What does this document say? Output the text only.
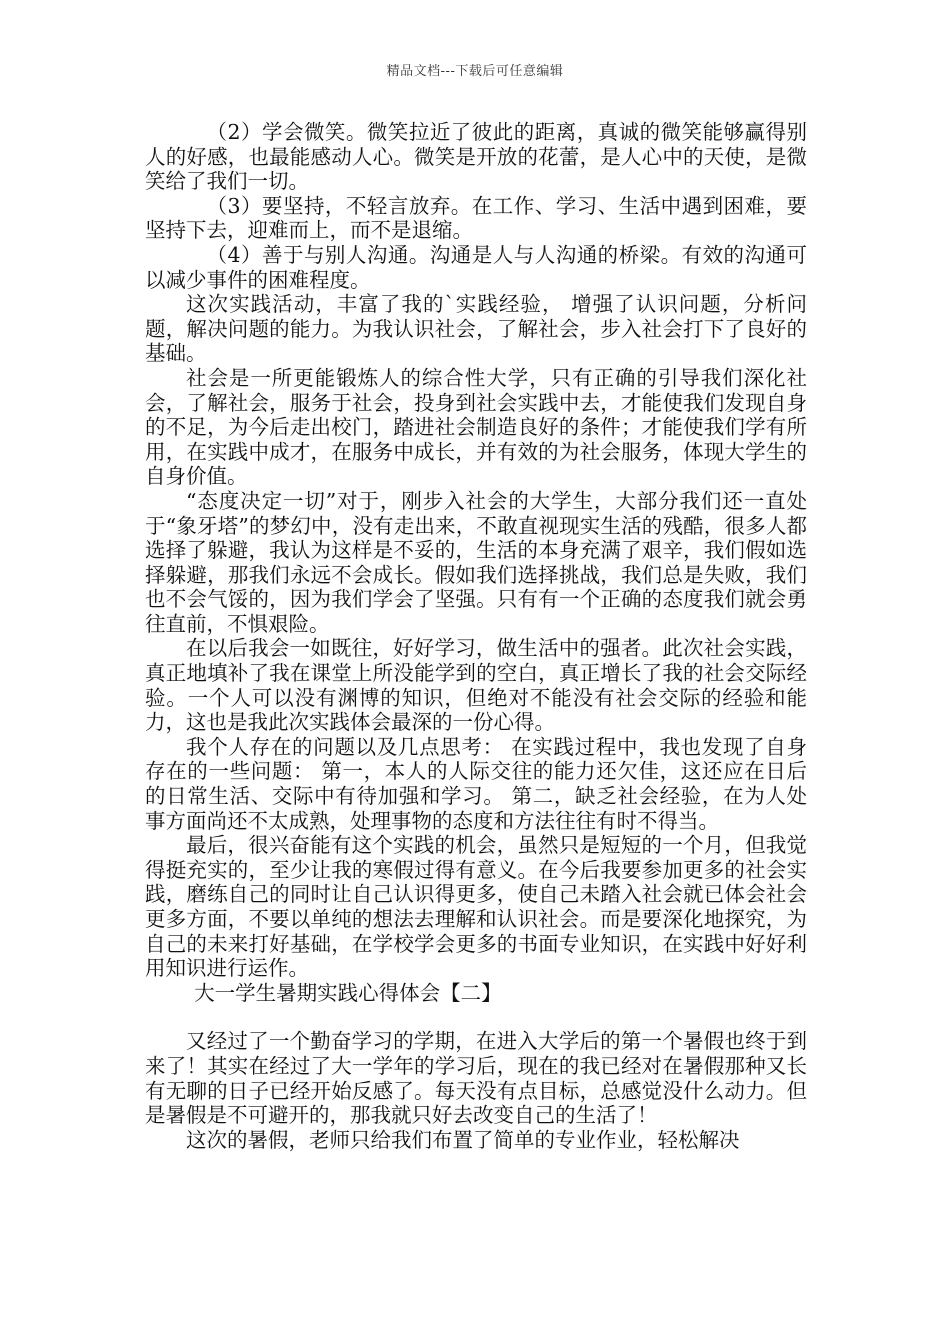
精品文档---下载后可任意编辑

（2）学会微笑。微笑拉近了彼此的距离，真诚的微笑能够赢得别人的好感，也最能感动人心。微笑是开放的花蕾，是人心中的天使，是微笑给了我们一切。

（3）要坚持，不轻言放弃。在工作、学习、生活中遇到困难，要坚持下去，迎难而上，而不是退缩。

（4）善于与别人沟通。沟通是人与人沟通的桥梁。有效的沟通可以减少事件的困难程度。

这次实践活动，丰富了我的`实践经验， 增强了认识问题，分析问题，解决问题的能力。为我认识社会，了解社会，步入社会打下了良好的基础。

社会是一所更能锻炼人的综合性大学，只有正确的引导我们深化社会，了解社会，服务于社会，投身到社会实践中去，才能使我们发现自身的不足，为今后走出校门，踏进社会制造良好的条件；才能使我们学有所用，在实践中成才，在服务中成长，并有效的为社会服务，体现大学生的自身价值。

“态度决定一切”对于，刚步入社会的大学生，大部分我们还一直处于“象牙塔”的梦幻中，没有走出来，不敢直视现实生活的残酷，很多人都选择了躲避，我认为这样是不妥的，生活的本身充满了艰辛，我们假如选择躲避，那我们永远不会成长。假如我们选择挑战，我们总是失败，我们也不会气馁的，因为我们学会了坚强。只有有一个正确的态度我们就会勇往直前，不惧艰险。

在以后我会一如既往，好好学习，做生活中的强者。此次社会实践，真正地填补了我在课堂上所没能学到的空白，真正增长了我的社会交际经验。一个人可以没有渊博的知识，但绝对不能没有社会交际的经验和能力，这也是我此次实践体会最深的一份心得。

我个人存在的问题以及几点思考： 在实践过程中，我也发现了自身存在的一些问题： 第一，本人的人际交往的能力还欠佳，这还应在日后的日常生活、交际中有待加强和学习。 第二，缺乏社会经验，在为人处事方面尚还不太成熟，处理事物的态度和方法往往有时不得当。

最后，很兴奋能有这个实践的机会，虽然只是短短的一个月，但我觉得挺充实的，至少让我的寒假过得有意义。在今后我要参加更多的社会实践，磨练自己的同时让自己认识得更多，使自己未踏入社会就已体会社会更多方面，不要以单纯的想法去理解和认识社会。而是要深化地探究，为自己的未来打好基础，在学校学会更多的书面专业知识，在实践中好好利用知识进行运作。

大一学生暑期实践心得体会【二】

又经过了一个勤奋学习的学期，在进入大学后的第一个暑假也终于到来了！其实在经过了大一学年的学习后，现在的我已经对在暑假那种又长有无聊的日子已经开始反感了。每天没有点目标，总感觉没什么动力。但是暑假是不可避开的，那我就只好去改变自己的生活了！

这次的暑假，老师只给我们布置了简单的专业作业，轻松解决
